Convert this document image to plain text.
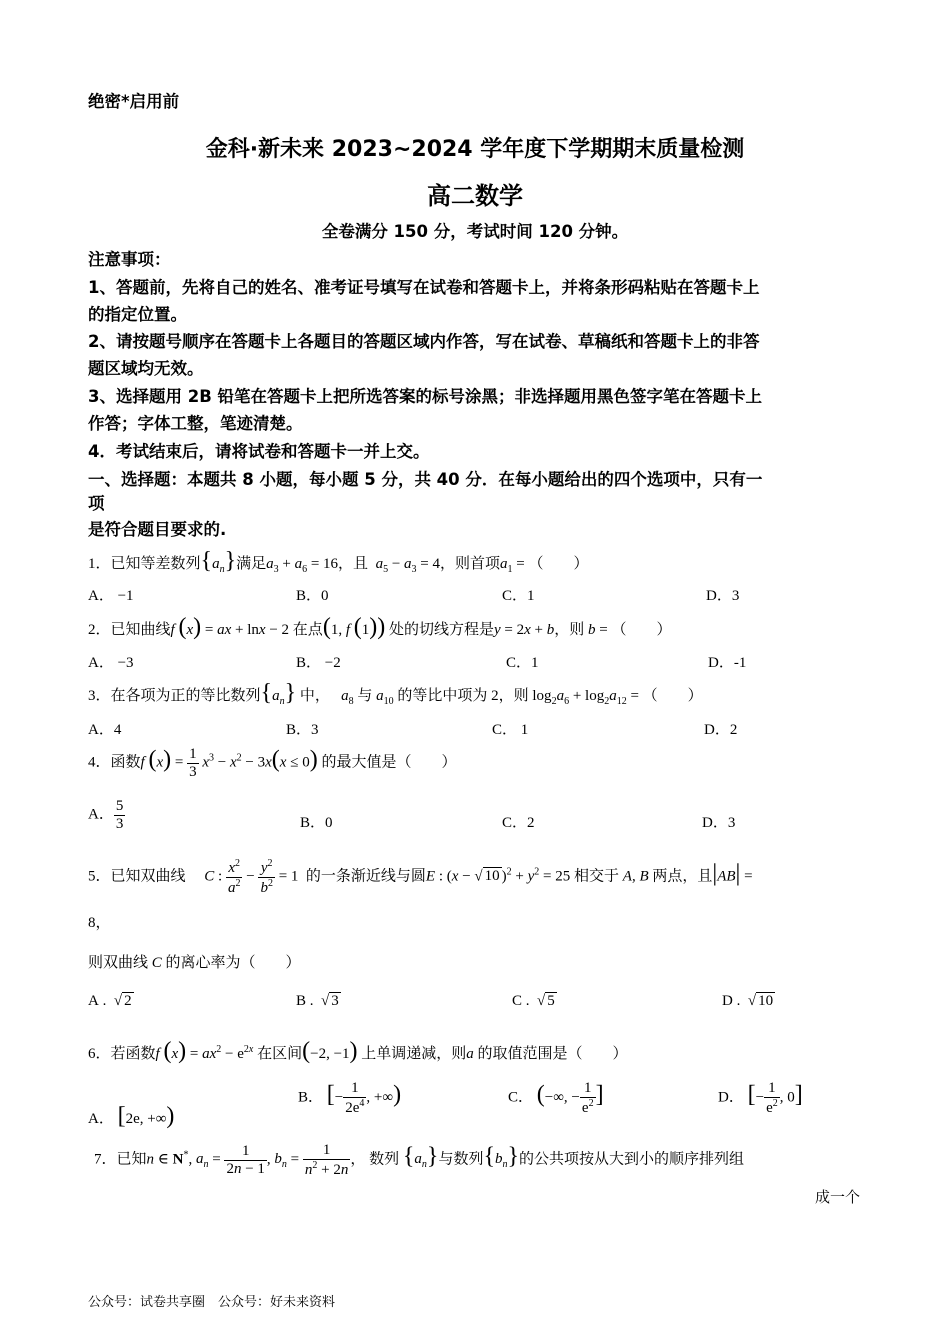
绝密*启用前
金科·新未来 2023~2024 学年度下学期期末质量检测
高二数学
全卷满分 150 分，考试时间 120 分钟。
注意事项：
1、答题前，先将自己的姓名、准考证号填写在试卷和答题卡上，并将条形码粘贴在答题卡上
的指定位置。
2、请按题号顺序在答题卡上各题目的答题区域内作答，写在试卷、草稿纸和答题卡上的非答
题区域均无效。
3、选择题用 2B 铅笔在答题卡上把所选答案的标号涂黑；非选择题用黑色签字笔在答题卡上
作答；字体工整，笔迹清楚。
4．考试结束后，请将试卷和答题卡一并上交。
一、选择题：本题共 8 小题，每小题 5 分，共 40 分．在每小题给出的四个选项中，只有一
项
是符合题目要求的.
1．已知等差数列$\{a_n\}$满足$a_3 + a_6 = 16$，且 $a_5 - a_3 = 4$，则首项$a_1$ = （　　）
A． −1	B．0	C．1	D．3
2．已知曲线f (x) = ax + lnx − 2 在点(1, f (1)) 处的切线方程是y = 2x + b，则 b = （　　）
A． −3	B． −2	C．1	D．-1
3．在各项为正的等比数列$\{a_n\}$ 中， $a_8$ 与 $a_{10}$ 的等比中项为 2，则 $\log_2a_6 + \log_2a_{12}$ = （　　）
A．4	B．3	C． 1	D．2
4．函数f $(x) = \frac{1}{3} x^3 - x^2 - 3x(x \le 0)$ 的最大值是（　　）
A． $\frac{5}{3}$	B．0	C．2	D．3
5．已知双曲线 C : $\frac{x^2}{a^2} - \frac{y^2}{b^2} = 1$  的一条渐近线与圆E : (x − √ 10 )$^2 + y^2 = 25$ 相交于 A, B 两点，且|AB| =
8，
则双曲线 C 的离心率为（　　）
A .  √ 2	B .  √ 3	C .  √ 5	D .  √ 10
6．若函数f $(x) = ax^2 - e^{2x}$ 在区间(−2, −1) 上单调递减，则a 的取值范围是（　　）
A． [2e, +∞)
B． [− $\frac{1}{2e^4}$ , +∞)	C． (−∞, − $\frac{1}{e^2}$ ]	D． [− $\frac{1}{e^2}$ , 0]
7．已知n ∈ N*, $a_n = \frac{1}{2n - 1}$ , $b_n = \frac{1}{n^2 + 2n}$ ， 数列 $\{a_n\}$与数列$\{b_n\}$的公共项按从大到小的顺序排列组
成一个
公众号：试卷共享圈　公众号：好未来资料
